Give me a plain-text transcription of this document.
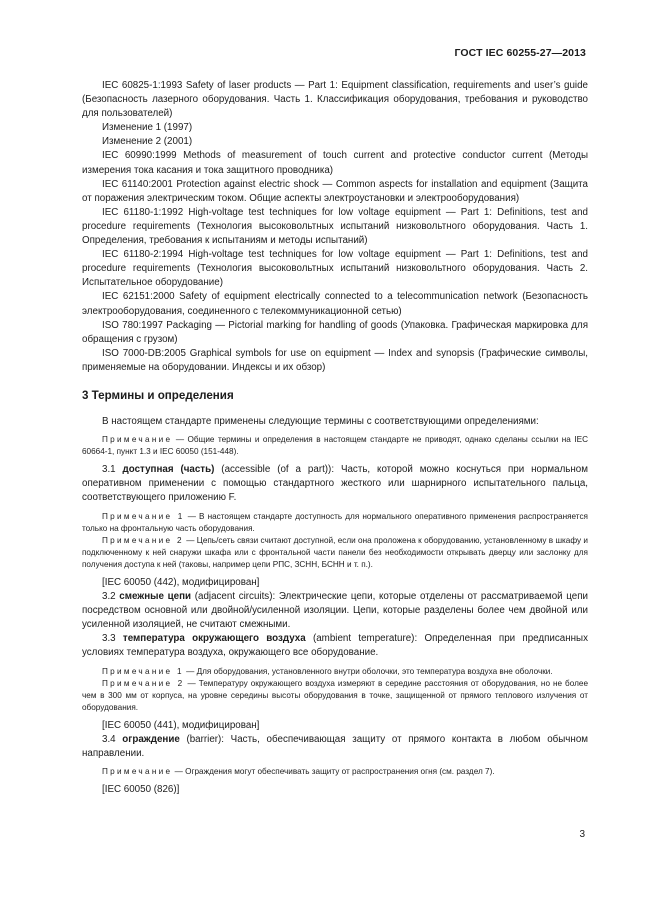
ГОСТ IEC 60255-27—2013

IEC 60825-1:1993 Safety of laser products — Part 1: Equipment classification, requirements and user’s guide (Безопасность лазерного оборудования. Часть 1. Классификация оборудования, требования и руководство для пользователей)

Изменение 1 (1997)

Изменение 2 (2001)

IEC 60990:1999 Methods of measurement of touch current and protective conductor current (Методы измерения тока касания и тока защитного проводника)

IEC 61140:2001 Protection against electric shock — Common aspects for installation and equipment (Защита от поражения электрическим током. Общие аспекты электроустановки и электрооборудования)

IEC 61180-1:1992 High-voltage test techniques for low voltage equipment — Part 1: Definitions, test and procedure requirements (Технология высоковольтных испытаний низковольтного оборудования. Часть 1. Определения, требования к испытаниям и методы испытаний)

IEC 61180-2:1994 High-voltage test techniques for low voltage equipment — Part 1: Definitions, test and procedure requirements (Технология высоковольтных испытаний низковольтного оборудования. Часть 2. Испытательное оборудование)

IEC 62151:2000 Safety of equipment electrically connected to a telecommunication network (Безопасность электрооборудования, соединенного с телекоммуникационной сетью)

ISO 780:1997 Packaging — Pictorial marking for handling of goods (Упаковка. Графическая маркировка для обращения с грузом)

ISO 7000-DB:2005 Graphical symbols for use on equipment — Index and synopsis (Графические символы, применяемые на оборудовании. Индексы и их обзор)

3 Термины и определения

В настоящем стандарте применены следующие термины с соответствующими определениями:

Примечание — Общие термины и определения в настоящем стандарте не приводят, однако сделаны ссылки на IEC 60664-1, пункт 1.3 и IEC 60050 (151-448).

3.1 доступная (часть) (accessible (of a part)): Часть, которой можно коснуться при нормальном оперативном применении с помощью стандартного жесткого или шарнирного испытательного пальца, соответствующего приложению F.

Примечание 1 — В настоящем стандарте доступность для нормального оперативного применения распространяется только на фронтальную часть оборудования.

Примечание 2 — Цепь/сеть связи считают доступной, если она проложена к оборудованию, установленному в шкафу и подключенному к ней снаружи шкафа или с фронтальной части панели без необходимости открывать дверцу или заслонку для получения доступа к ней (таковы, например цепи РПС, ЗСНН, БСНН и т. п.).

[IEC 60050 (442), модифицирован]

3.2 смежные цепи (adjacent circuits): Электрические цепи, которые отделены от рассматриваемой цепи посредством основной или двойной/усиленной изоляции. Цепи, которые разделены более чем двойной или усиленной изоляцией, не считают смежными.

3.3 температура окружающего воздуха (ambient temperature): Определенная при предписанных условиях температура воздуха, окружающего все оборудование.

Примечание 1 — Для оборудования, установленного внутри оболочки, это температура воздуха вне оболочки.

Примечание 2 — Температуру окружающего воздуха измеряют в середине расстояния от оборудования, но не более чем в 300 мм от корпуса, на уровне середины высоты оборудования в точке, защищенной от прямого теплового излучения от оборудования.

[IEC 60050 (441), модифицирован]

3.4 ограждение (barrier): Часть, обеспечивающая защиту от прямого контакта в любом обычном направлении.

Примечание — Ограждения могут обеспечивать защиту от распространения огня (см. раздел 7).

[IEC 60050 (826)]

3
